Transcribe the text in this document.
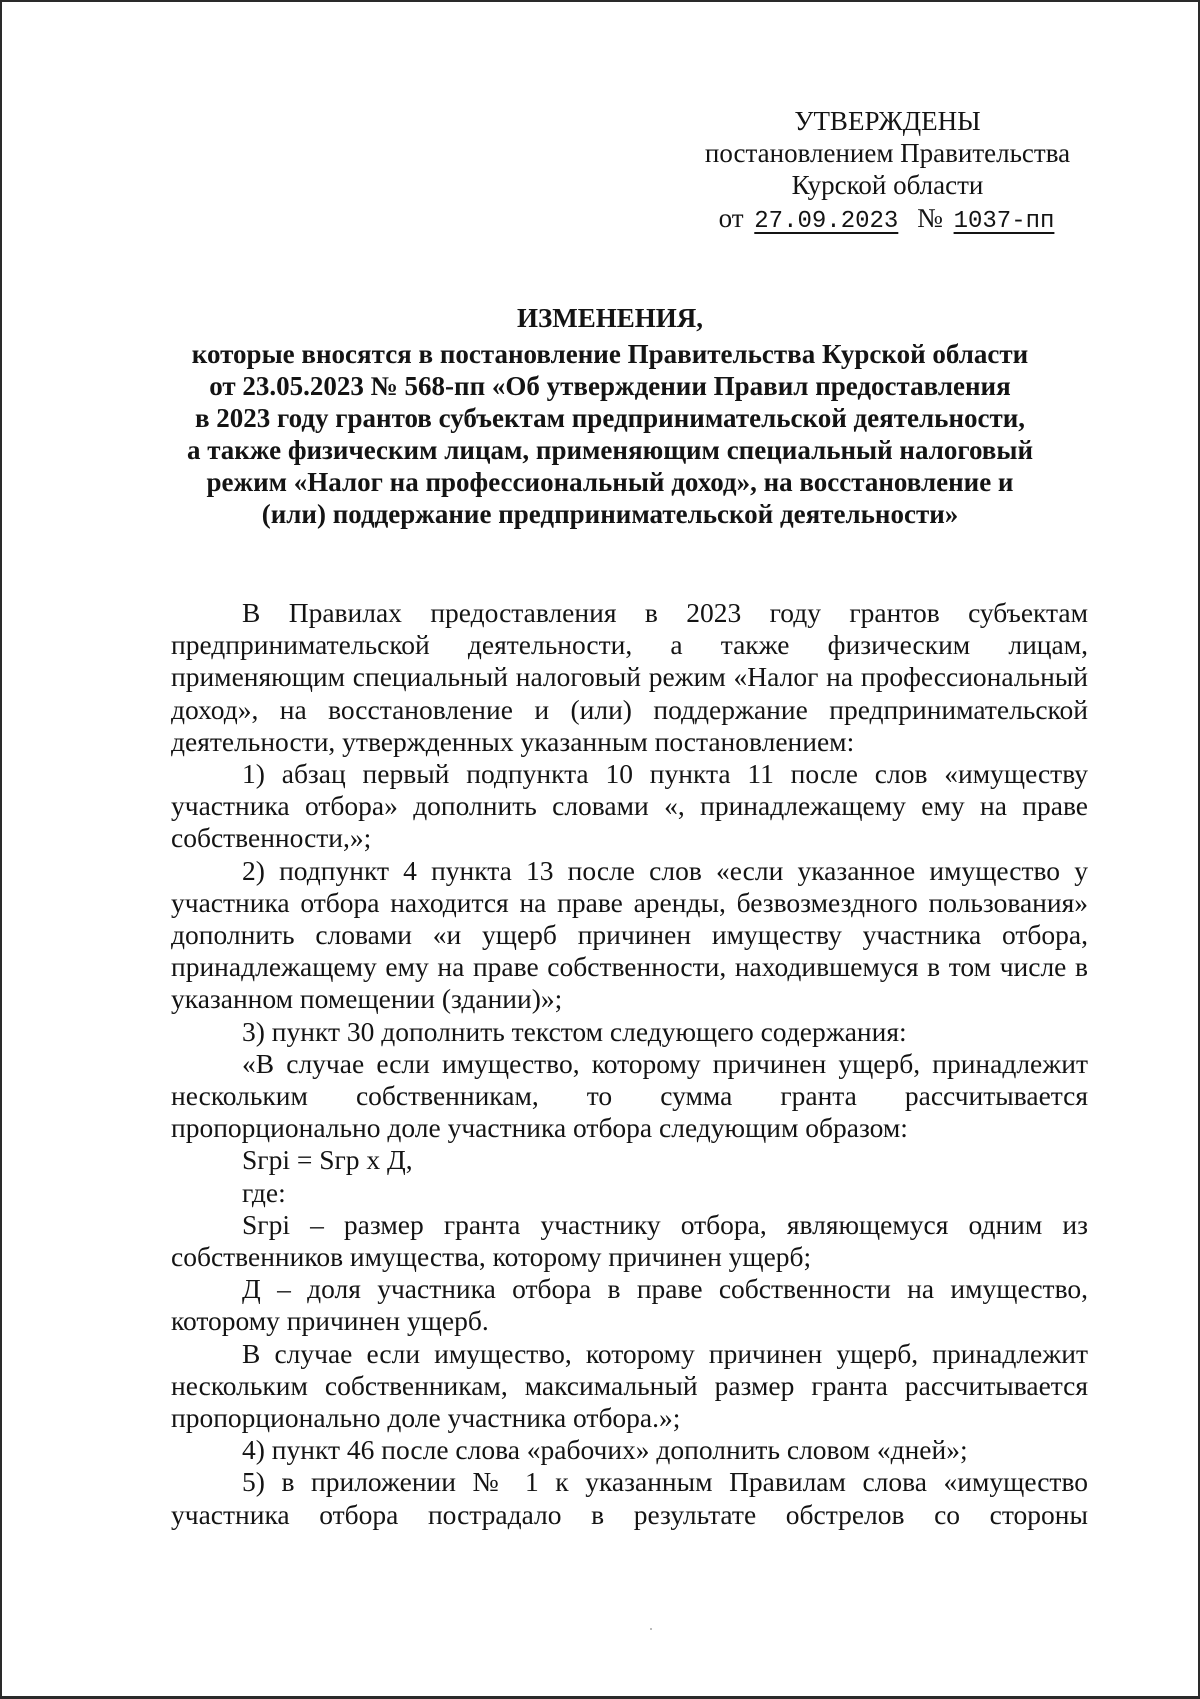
УТВЕРЖДЕНЫ
постановлением Правительства
Курской области
от 27.09.2023 № 1037-пп
ИЗМЕНЕНИЯ,
которые вносятся в постановление Правительства Курской области
от 23.05.2023 № 568-пп «Об утверждении Правил предоставления
в 2023 году грантов субъектам предпринимательской деятельности,
а также физическим лицам, применяющим специальный налоговый
режим «Налог на профессиональный доход», на восстановление и
(или) поддержание предпринимательской деятельности»

В Правилах предоставления в 2023 году грантов субъектам предпринимательской деятельности, а также физическим лицам, применяющим специальный налоговый режим «Налог на профессиональный доход», на восстановление и (или) поддержание предпринимательской деятельности, утвержденных указанным постановлением:

1) абзац первый подпункта 10 пункта 11 после слов «имуществу участника отбора» дополнить словами «, принадлежащему ему на праве собственности,»;

2) подпункт 4 пункта 13 после слов «если указанное имущество у участника отбора находится на праве аренды, безвозмездного пользования» дополнить словами «и ущерб причинен имуществу участника отбора, принадлежащему ему на праве собственности, находившемуся в том числе в указанном помещении (здании)»;

3) пункт 30 дополнить текстом следующего содержания:

«В случае если имущество, которому причинен ущерб, принадлежит нескольким собственникам, то сумма гранта рассчитывается пропорционально доле участника отбора следующим образом:

Sгрi = Sгр х Д,

где:

Sгрi – размер гранта участнику отбора, являющемуся одним из собственников имущества, которому причинен ущерб;

Д – доля участника отбора в праве собственности на имущество, которому причинен ущерб.

В случае если имущество, которому причинен ущерб, принадлежит нескольким собственникам, максимальный размер гранта рассчитывается пропорционально доле участника отбора.»;

4) пункт 46 после слова «рабочих» дополнить словом «дней»;

5) в приложении № 1 к указанным Правилам слова «имущество участника отбора пострадало в результате обстрелов со стороны
